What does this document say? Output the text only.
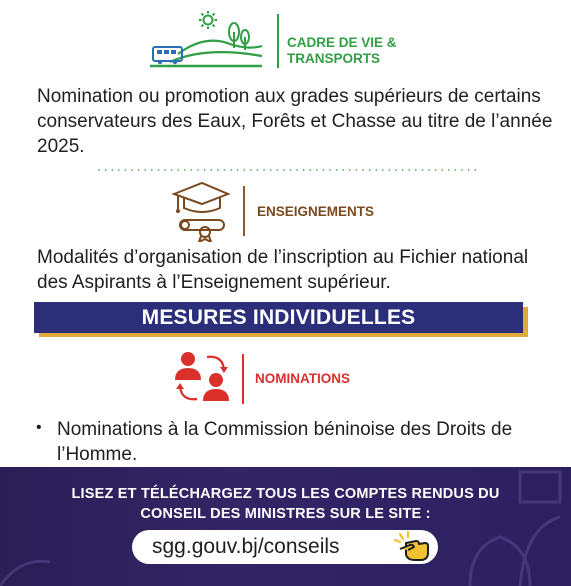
CADRE DE VIE &
TRANSPORTS
Nomination ou promotion aux grades supérieurs de certains conservateurs des Eaux, Forêts et Chasse au titre de l’année 2025.
ENSEIGNEMENTS
Modalités d’organisation de l’inscription au Fichier national des Aspirants à l’Enseignement supérieur.
MESURES INDIVIDUELLES
NOMINATIONS
• Nominations à la Commission béninoise des Droits de l’Homme.
LISEZ ET TÉLÉCHARGEZ TOUS LES COMPTES RENDUS DU
CONSEIL DES MINISTRES SUR LE SITE :
sgg.gouv.bj/conseils
